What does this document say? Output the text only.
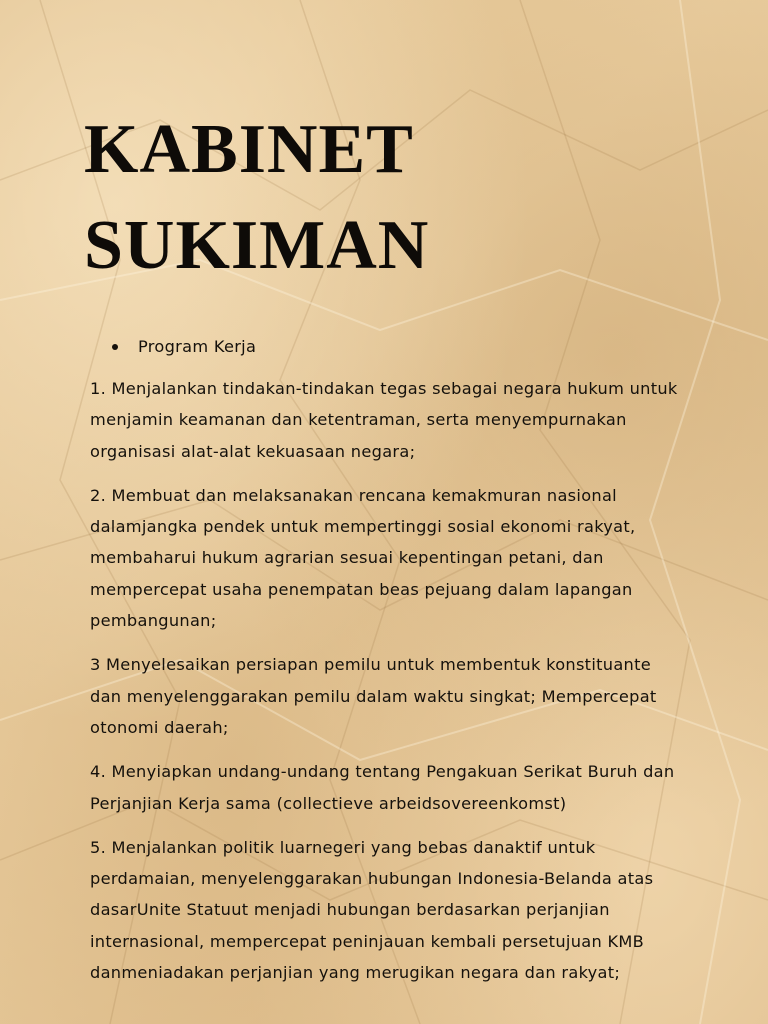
KABINET
SUKIMAN
Program Kerja

1. Menjalankan tindakan-tindakan tegas sebagai negara hukum untuk menjamin keamanan dan ketentraman, serta menyempurnakan organisasi alat-alat kekuasaan negara;

2. Membuat dan melaksanakan rencana kemakmuran nasional dalamjangka pendek untuk mempertinggi sosial ekonomi rakyat, membaharui hukum agrarian sesuai kepentingan petani, dan mempercepat usaha penempatan beas pejuang dalam lapangan pembangunan;

3 Menyelesaikan persiapan pemilu untuk membentuk konstituante dan menyelenggarakan pemilu dalam waktu singkat; Mempercepat otonomi daerah;

4. Menyiapkan undang-undang tentang Pengakuan Serikat Buruh dan Perjanjian Kerja sama (collectieve arbeidsovereenkomst)

5. Menjalankan politik luarnegeri yang bebas danaktif untuk perdamaian, menyelenggarakan hubungan Indonesia-Belanda atas dasarUnite Statuut menjadi hubungan berdasarkan perjanjian internasional, mempercepat peninjauan kembali persetujuan KMB danmeniadakan perjanjian yang merugikan negara dan rakyat;
